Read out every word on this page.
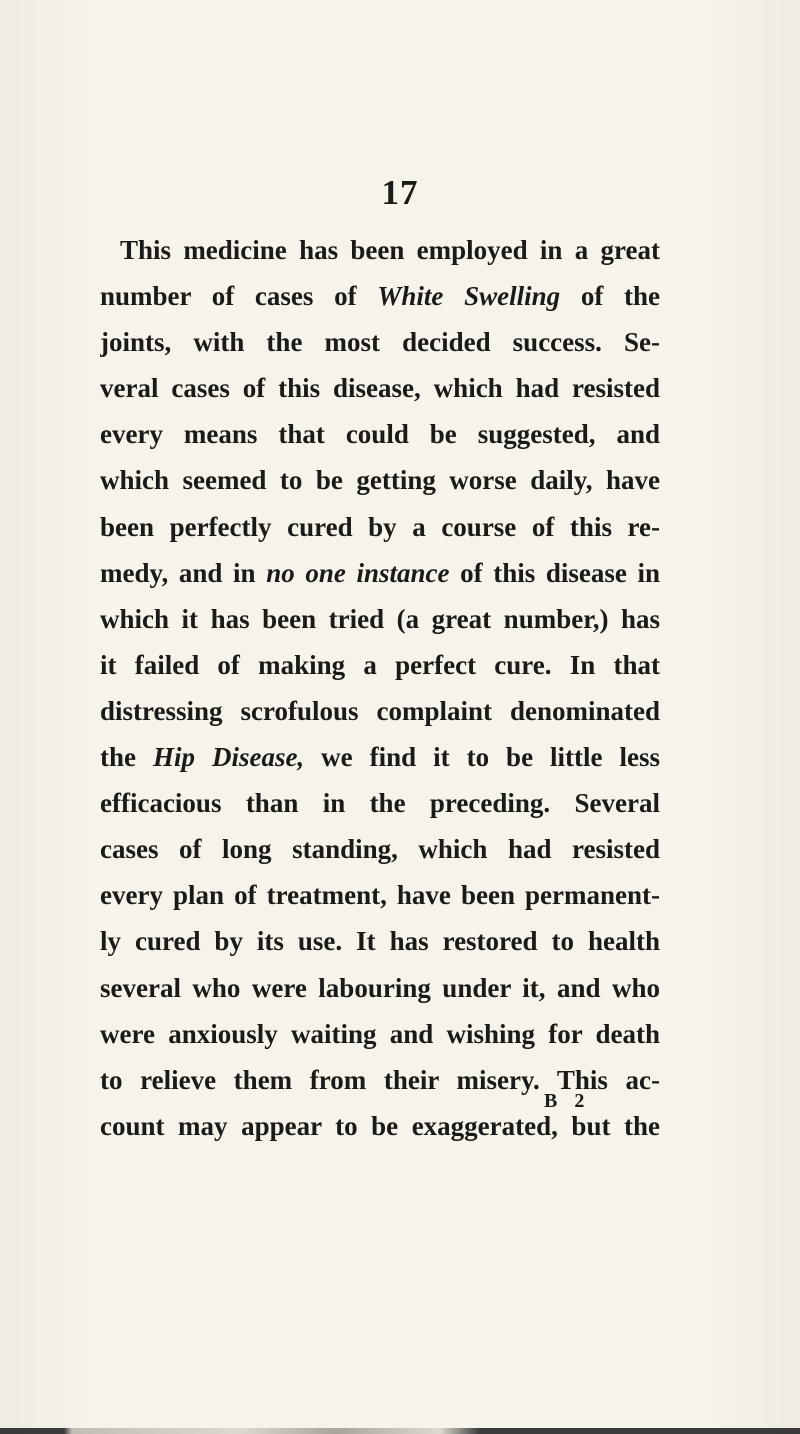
17
This medicine has been employed in a great
number of cases of White Swelling of the
joints, with the most decided success. Se-
veral cases of this disease, which had resisted
every means that could be suggested, and
which seemed to be getting worse daily, have
been perfectly cured by a course of this re-
medy, and in no one instance of this disease in
which it has been tried (a great number,) has
it failed of making a perfect cure. In that
distressing scrofulous complaint denominated
the Hip Disease, we find it to be little less
efficacious than in the preceding. Several
cases of long standing, which had resisted
every plan of treatment, have been permanent-
ly cured by its use. It has restored to health
several who were labouring under it, and who
were anxiously waiting and wishing for death
to relieve them from their misery. This ac-
count may appear to be exaggerated, but the
B 2
